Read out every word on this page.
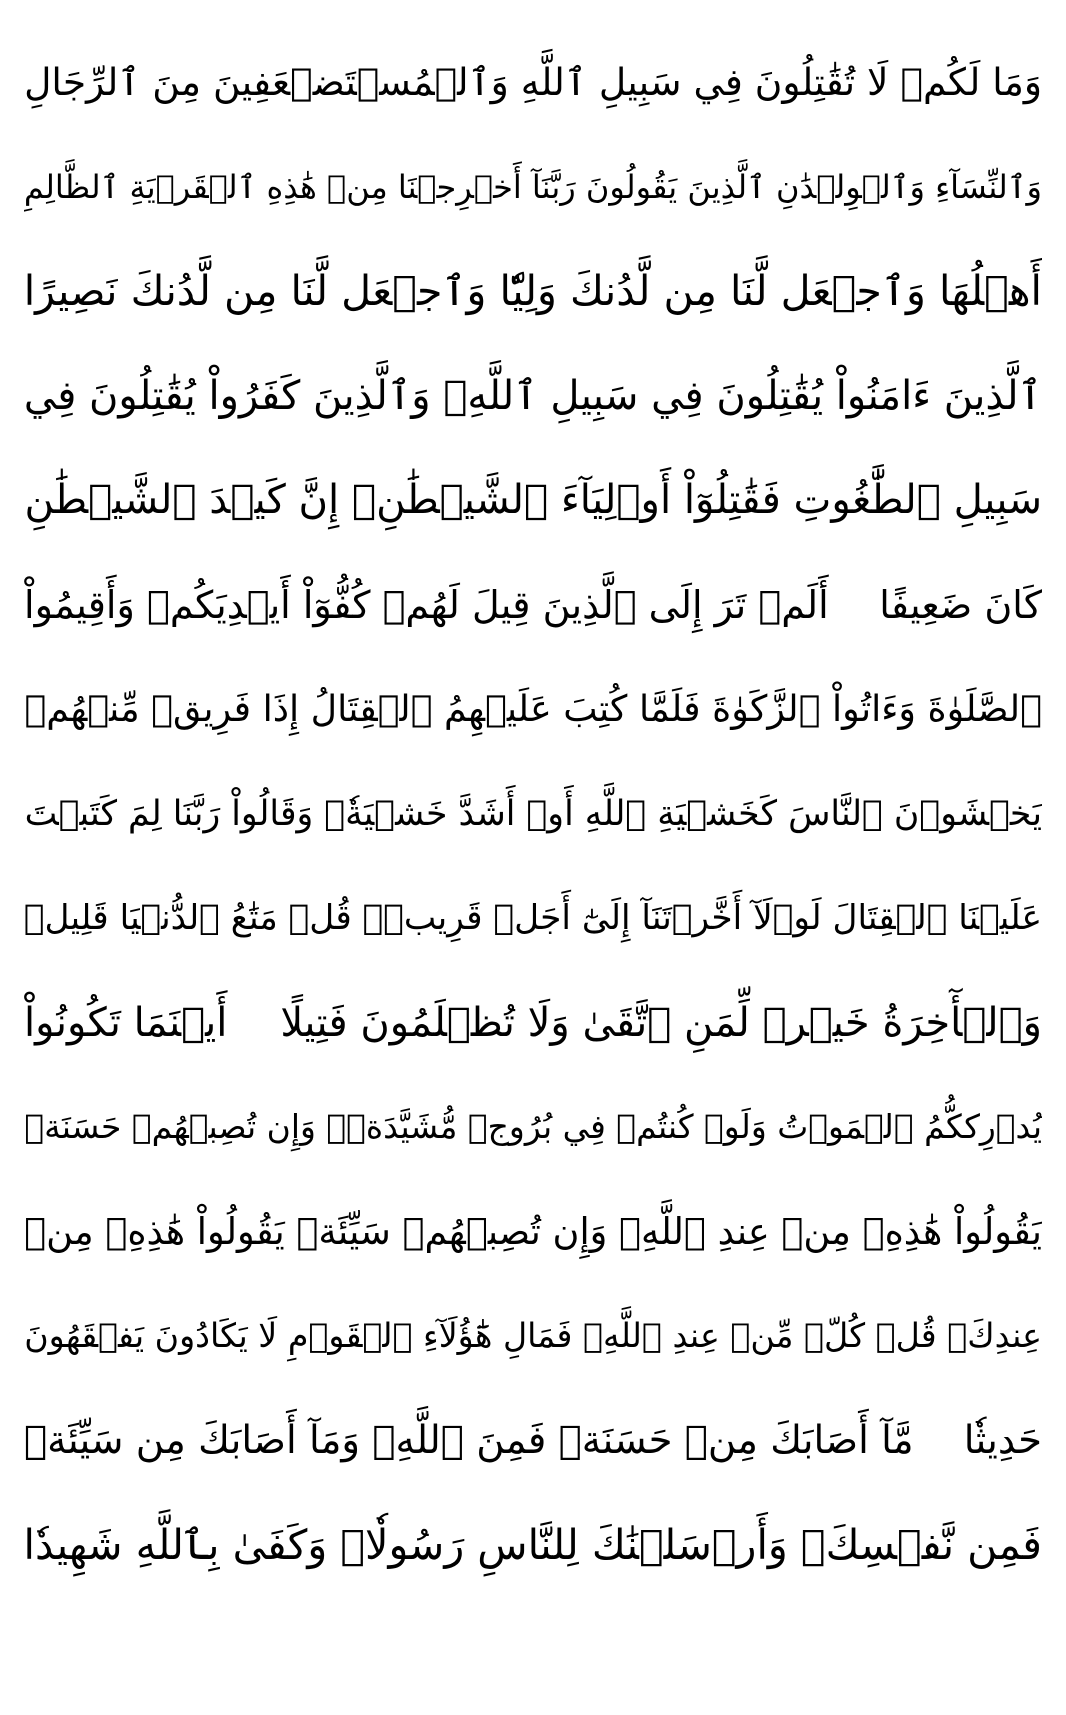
وَمَا لَكُمۡ لَا تُقَٰتِلُونَ فِي سَبِيلِ ٱللَّهِ وَٱلۡمُسۡتَضۡعَفِينَ مِنَ ٱلرِّجَالِ
وَٱلنِّسَآءِ وَٱلۡوِلۡدَٰنِ ٱلَّذِينَ يَقُولُونَ رَبَّنَآ أَخۡرِجۡنَا مِنۡ هَٰذِهِ ٱلۡقَرۡيَةِ ٱلظَّالِمِ
أَهۡلُهَا وَٱجۡعَل لَّنَا مِن لَّدُنكَ وَلِيّٗا وَٱجۡعَل لَّنَا مِن لَّدُنكَ نَصِيرًا
ٱلَّذِينَ ءَامَنُواْ يُقَٰتِلُونَ فِي سَبِيلِ ٱللَّهِۖ وَٱلَّذِينَ كَفَرُواْ يُقَٰتِلُونَ فِي
سَبِيلِ ٱلطَّٰغُوتِ فَقَٰتِلُوٓاْ أَوۡلِيَآءَ ٱلشَّيۡطَٰنِۖ إِنَّ كَيۡدَ ٱلشَّيۡطَٰنِ
كَانَ ضَعِيفًا
أَلَمۡ تَرَ إِلَى ٱلَّذِينَ قِيلَ لَهُمۡ كُفُّوٓاْ أَيۡدِيَكُمۡ وَأَقِيمُواْ
ٱلصَّلَوٰةَ وَءَاتُواْ ٱلزَّكَوٰةَ فَلَمَّا كُتِبَ عَلَيۡهِمُ ٱلۡقِتَالُ إِذَا فَرِيقٞ مِّنۡهُمۡ
يَخۡشَوۡنَ ٱلنَّاسَ كَخَشۡيَةِ ٱللَّهِ أَوۡ أَشَدَّ خَشۡيَةٗۚ وَقَالُواْ رَبَّنَا لِمَ كَتَبۡتَ
عَلَيۡنَا ٱلۡقِتَالَ لَوۡلَآ أَخَّرۡتَنَآ إِلَىٰٓ أَجَلٖ قَرِيبٖۗ قُلۡ مَتَٰعُ ٱلدُّنۡيَا قَلِيلٞ
وَٱلۡأٓخِرَةُ خَيۡرٞ لِّمَنِ ٱتَّقَىٰ وَلَا تُظۡلَمُونَ فَتِيلًا
أَيۡنَمَا تَكُونُواْ
يُدۡرِككُّمُ ٱلۡمَوۡتُ وَلَوۡ كُنتُمۡ فِي بُرُوجٖ مُّشَيَّدَةٖۗ وَإِن تُصِبۡهُمۡ حَسَنَةٞ
يَقُولُواْ هَٰذِهِۦ مِنۡ عِندِ ٱللَّهِۖ وَإِن تُصِبۡهُمۡ سَيِّئَةٞ يَقُولُواْ هَٰذِهِۦ مِنۡ
عِندِكَۚ قُلۡ كُلّٞ مِّنۡ عِندِ ٱللَّهِۖ فَمَالِ هَٰٓؤُلَآءِ ٱلۡقَوۡمِ لَا يَكَادُونَ يَفۡقَهُونَ
حَدِيثٗا
مَّآ أَصَابَكَ مِنۡ حَسَنَةٖ فَمِنَ ٱللَّهِۖ وَمَآ أَصَابَكَ مِن سَيِّئَةٖ
فَمِن نَّفۡسِكَۚ وَأَرۡسَلۡنَٰكَ لِلنَّاسِ رَسُولٗاۚ وَكَفَىٰ بِٱللَّهِ شَهِيدٗا
